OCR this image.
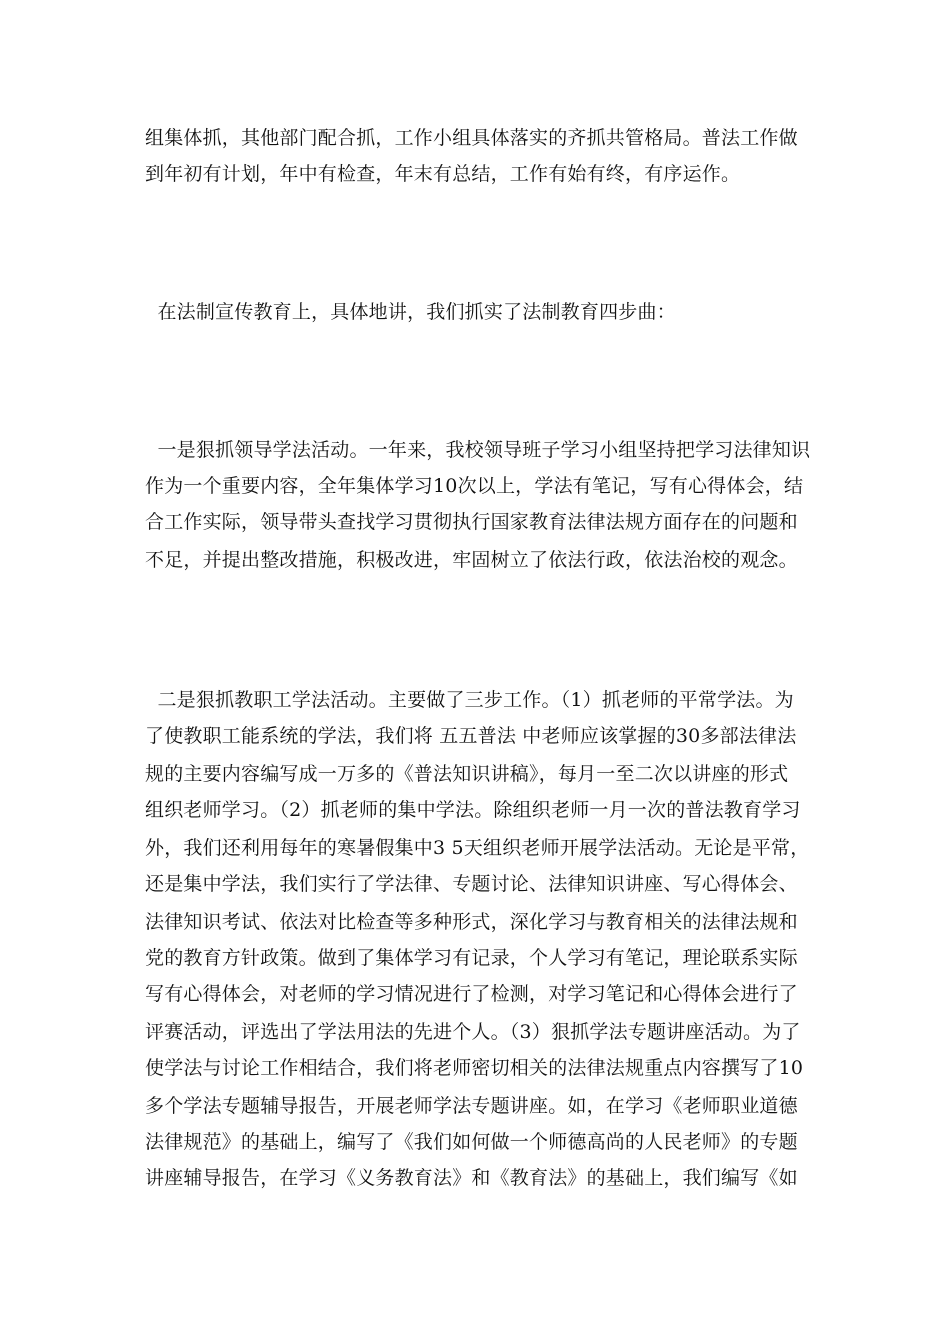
组集体抓，其他部门配合抓，工作小组具体落实的齐抓共管格局。普法工作做
到年初有计划，年中有检查，年末有总结，工作有始有终，有序运作。
在法制宣传教育上，具体地讲，我们抓实了法制教育四步曲：
一是狠抓领导学法活动。一年来，我校领导班子学习小组坚持把学习法律知识
作为一个重要内容，全年集体学习10次以上，学法有笔记，写有心得体会，结
合工作实际，领导带头查找学习贯彻执行国家教育法律法规方面存在的问题和
不足，并提出整改措施，积极改进，牢固树立了依法行政，依法治校的观念。
二是狠抓教职工学法活动。主要做了三步工作。（1）抓老师的平常学法。为
了使教职工能系统的学法，我们将 五五普法 中老师应该掌握的30多部法律法
规的主要内容编写成一万多的《普法知识讲稿》，每月一至二次以讲座的形式
组织老师学习。（2）抓老师的集中学法。除组织老师一月一次的普法教育学习
外，我们还利用每年的寒暑假集中3 5天组织老师开展学法活动。无论是平常，
还是集中学法，我们实行了学法律、专题讨论、法律知识讲座、写心得体会、
法律知识考试、依法对比检查等多种形式，深化学习与教育相关的法律法规和
党的教育方针政策。做到了集体学习有记录，个人学习有笔记，理论联系实际
写有心得体会，对老师的学习情况进行了检测，对学习笔记和心得体会进行了
评赛活动，评选出了学法用法的先进个人。（3）狠抓学法专题讲座活动。为了
使学法与讨论工作相结合，我们将老师密切相关的法律法规重点内容撰写了10
多个学法专题辅导报告，开展老师学法专题讲座。如，在学习《老师职业道德
法律规范》的基础上，编写了《我们如何做一个师德高尚的人民老师》的专题
讲座辅导报告，在学习《义务教育法》和《教育法》的基础上，我们编写《如
